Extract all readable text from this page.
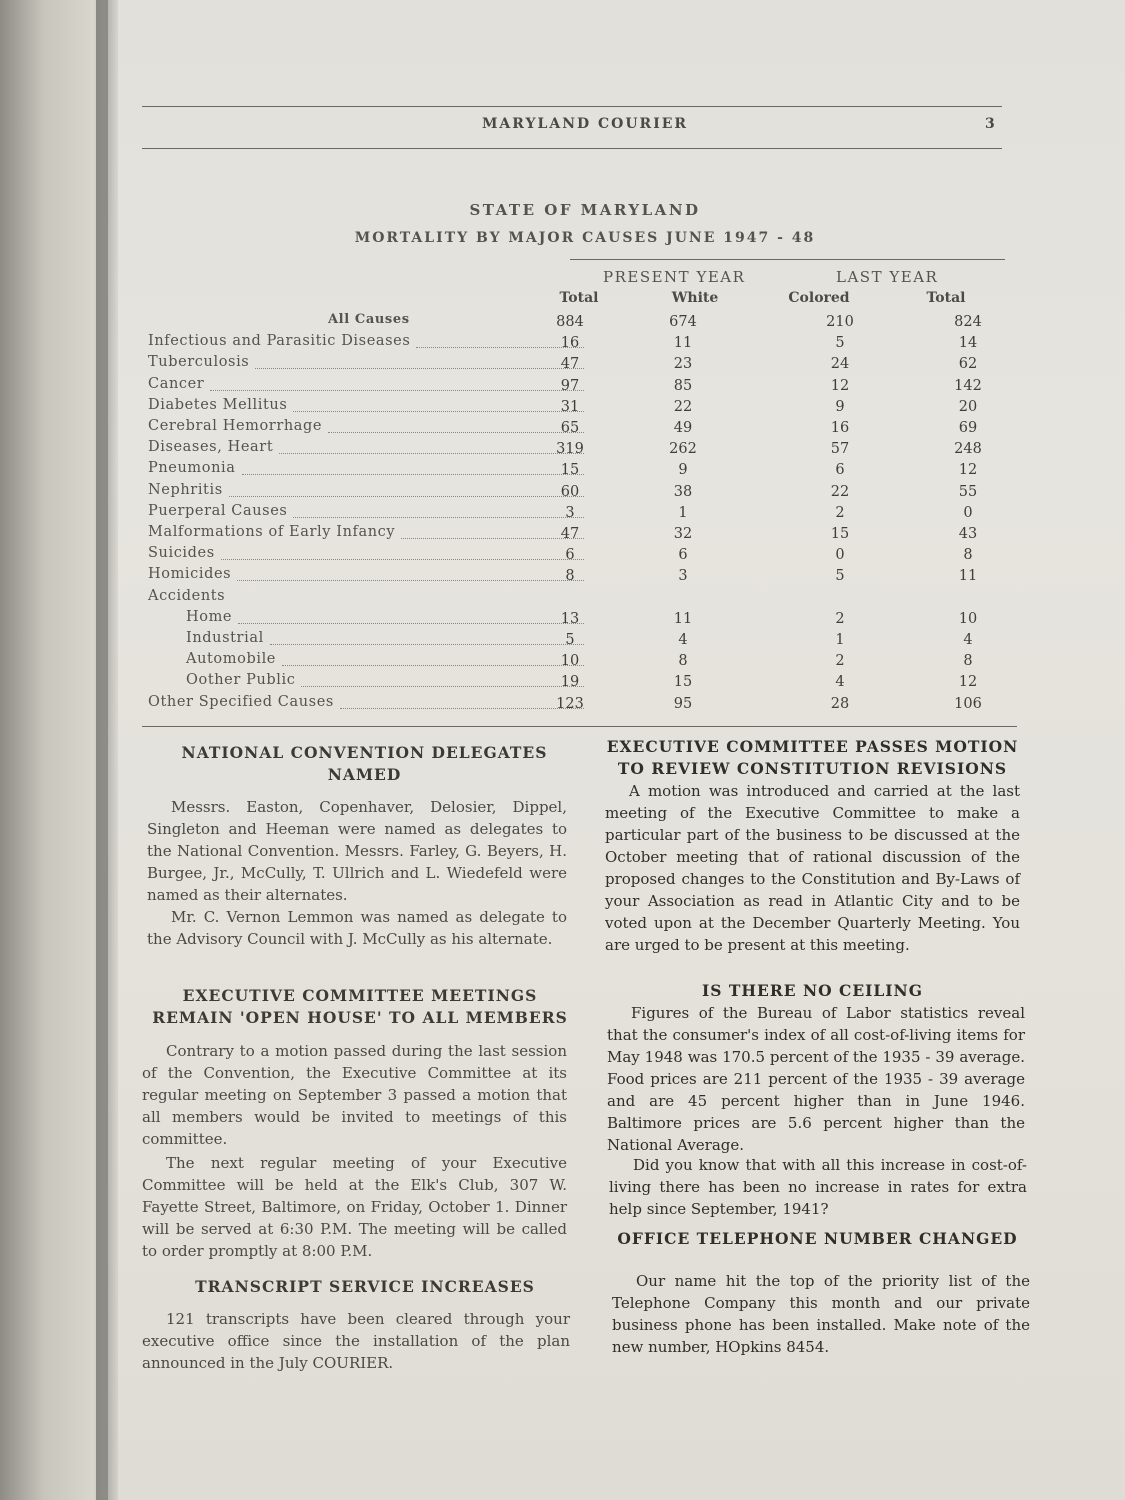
MARYLAND COURIER	3
STATE OF MARYLAND
MORTALITY BY MAJOR CAUSES JUNE 1947 - 48
PRESENT YEAR	LAST YEAR
Total	White	Colored	Total
All Causes	884	674	210	824
Infectious and Parasitic Diseases	16	11	5	14
Tuberculosis	47	23	24	62
Cancer	97	85	12	142
Diabetes Mellitus	31	22	9	20
Cerebral Hemorrhage	65	49	16	69
Diseases, Heart	319	262	57	248
Pneumonia	15	9	6	12
Nephritis	60	38	22	55
Puerperal Causes	3	1	2	0
Malformations of Early Infancy	47	32	15	43
Suicides	6	6	0	8
Homicides	8	3	5	11
Accidents
Home	13	11	2	10
Industrial	5	4	1	4
Automobile	10	8	2	8
Oother Public	19	15	4	12
Other Specified Causes	123	95	28	106
NATIONAL CONVENTION DELEGATES NAMED
Messrs. Easton, Copenhaver, Delosier, Dippel, Singleton and Heeman were named as delegates to the National Convention. Messrs. Farley, G. Beyers, H. Burgee, Jr., McCully, T. Ullrich and L. Wiedefeld were named as their alternates.
Mr. C. Vernon Lemmon was named as delegate to the Advisory Council with J. McCully as his alternate.
EXECUTIVE COMMITTEE MEETINGS REMAIN 'OPEN HOUSE' TO ALL MEMBERS
Contrary to a motion passed during the last session of the Convention, the Executive Committee at its regular meeting on September 3 passed a motion that all members would be invited to meetings of this committee.
The next regular meeting of your Executive Committee will be held at the Elk's Club, 307 W. Fayette Street, Baltimore, on Friday, October 1. Dinner will be served at 6:30 P.M. The meeting will be called to order promptly at 8:00 P.M.
TRANSCRIPT SERVICE INCREASES
121 transcripts have been cleared through your executive office since the installation of the plan announced in the July COURIER.
EXECUTIVE COMMITTEE PASSES MOTION TO REVIEW CONSTITUTION REVISIONS
A motion was introduced and carried at the last meeting of the Executive Committee to make a particular part of the business to be discussed at the October meeting that of rational discussion of the proposed changes to the Constitution and By-Laws of your Association as read in Atlantic City and to be voted upon at the December Quarterly Meeting. You are urged to be present at this meeting.
IS THERE NO CEILING
Figures of the Bureau of Labor statistics reveal that the consumer's index of all cost-of-living items for May 1948 was 170.5 percent of the 1935 - 39 average. Food prices are 211 percent of the 1935 - 39 average and are 45 percent higher than in June 1946. Baltimore prices are 5.6 percent higher than the National Average.
Did you know that with all this increase in cost-of-living there has been no increase in rates for extra help since September, 1941?
OFFICE TELEPHONE NUMBER CHANGED
Our name hit the top of the priority list of the Telephone Company this month and our private business phone has been installed. Make note of the new number, HOpkins 8454.
